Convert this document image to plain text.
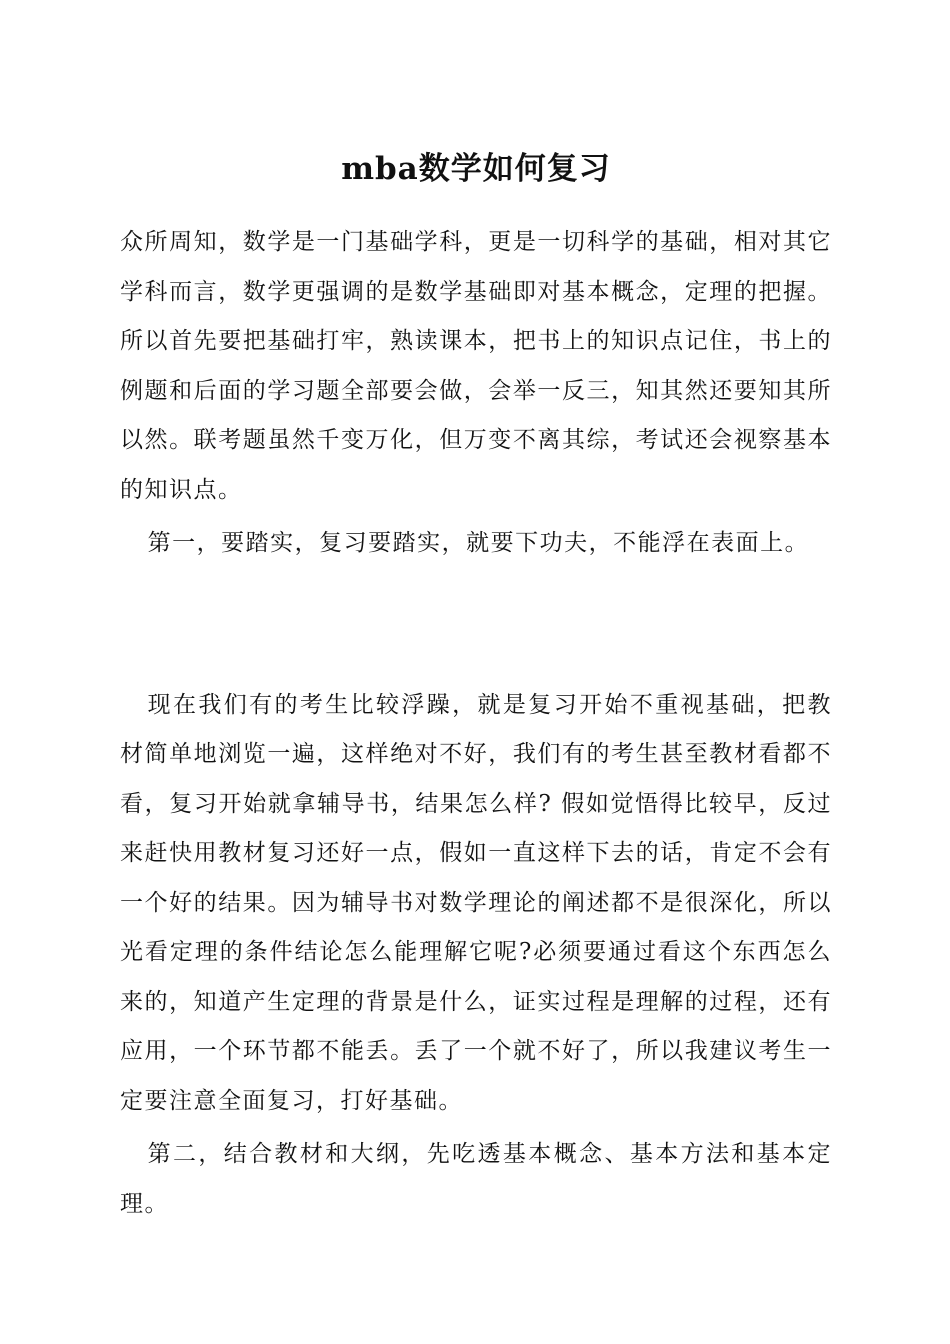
mba数学如何复习

众所周知，数学是一门基础学科，更是一切科学的基础，相对其它学科而言，数学更强调的是数学基础即对基本概念，定理的把握。所以首先要把基础打牢，熟读课本，把书上的知识点记住，书上的例题和后面的学习题全部要会做，会举一反三，知其然还要知其所以然。联考题虽然千变万化，但万变不离其综，考试还会视察基本的知识点。

第一，要踏实，复习要踏实，就要下功夫，不能浮在表面上。

现在我们有的考生比较浮躁，就是复习开始不重视基础，把教材简单地浏览一遍，这样绝对不好，我们有的考生甚至教材看都不看，复习开始就拿辅导书，结果怎么样? 假如觉悟得比较早，反过来赶快用教材复习还好一点，假如一直这样下去的话，肯定不会有一个好的结果。因为辅导书对数学理论的阐述都不是很深化，所以光看定理的条件结论怎么能理解它呢?必须要通过看这个东西怎么来的，知道产生定理的背景是什么，证实过程是理解的过程，还有应用，一个环节都不能丢。丢了一个就不好了，所以我建议考生一定要注意全面复习，打好基础。

第二，结合教材和大纲，先吃透基本概念、基本方法和基本定理。
